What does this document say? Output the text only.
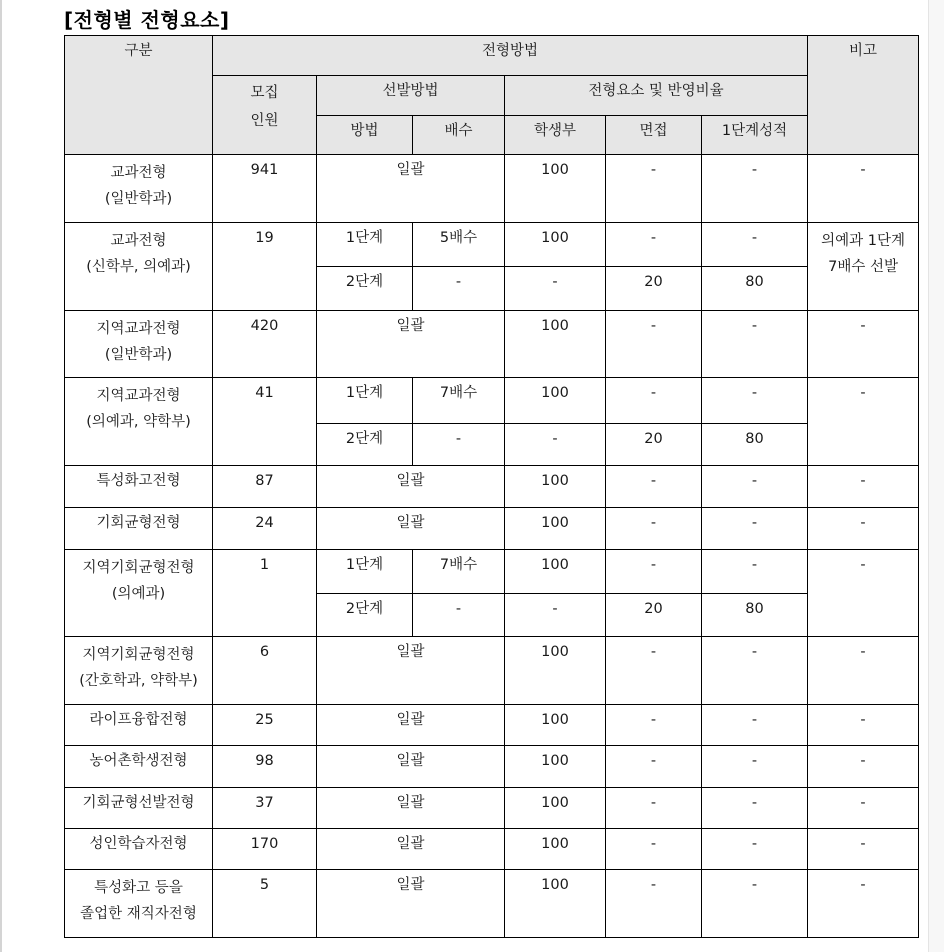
[전형별 전형요소]
구분	전형방법						비고

	모집
인원	선발방법		전형요소 및 반영비율			

		방법	배수	학생부	면접	1단계성적	

교과전형
(일반학과)	941	일괄		100	-	-	-

교과전형
(신학부, 의예과)	19	1단계	5배수	100	-	-	의예과 1단계
7배수 선발

		2단계	-	-	20	80	

지역교과전형
(일반학과)	420	일괄		100	-	-	-

지역교과전형
(의예과, 약학부)	41	1단계	7배수	100	-	-	-

		2단계	-	-	20	80	

특성화고전형	87	일괄		100	-	-	-

기회균형전형	24	일괄		100	-	-	-

지역기회균형전형
(의예과)	1	1단계	7배수	100	-	-	-

		2단계	-	-	20	80	

지역기회균형전형
(간호학과, 약학부)	6	일괄		100	-	-	-

라이프융합전형	25	일괄		100	-	-	-

농어촌학생전형	98	일괄		100	-	-	-

기회균형선발전형	37	일괄		100	-	-	-

성인학습자전형	170	일괄		100	-	-	-

특성화고 등을
졸업한 재직자전형	5	일괄		100	-	-	-
